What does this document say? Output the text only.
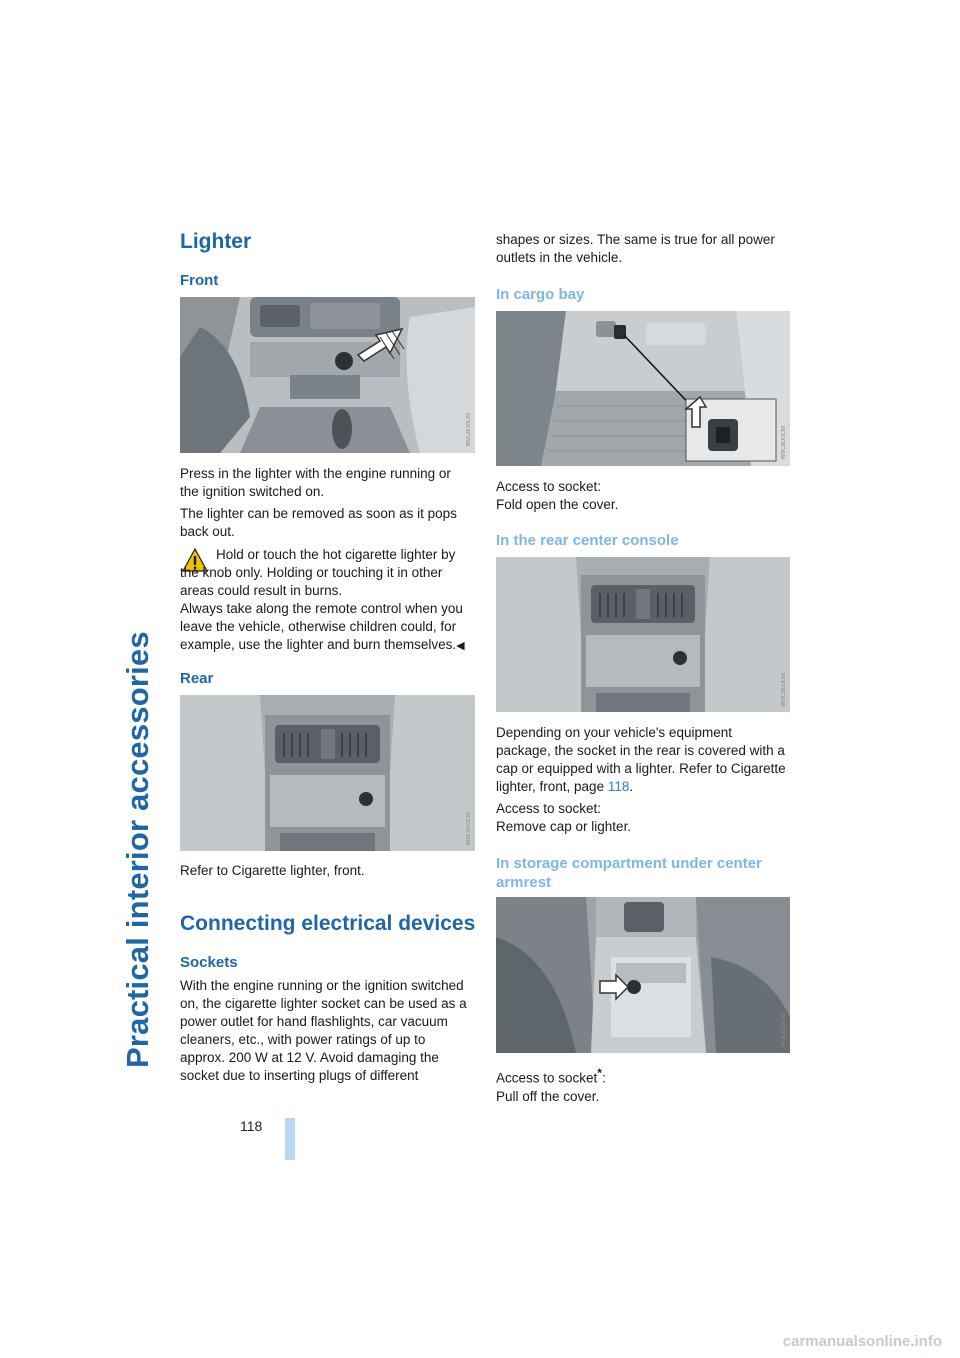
Practical interior accessories
Lighter
Front
W9C8D0CM
Press in the lighter with the engine running or the ignition switched on.
The lighter can be removed as soon as it pops back out.
Hold or touch the hot cigarette lighter by the knob only. Holding or touching it in other areas could result in burns.
Always take along the remote control when you leave the vehicle, otherwise children could, for example, use the lighter and burn themselves.◀
Rear
W9C9E0CM
Refer to Cigarette lighter, front.
Connecting electrical devices
Sockets
With the engine running or the ignition switched on, the cigarette lighter socket can be used as a power outlet for hand flashlights, car vacuum cleaners, etc., with power ratings of up to approx. 200 W at 12 V. Avoid damaging the socket due to inserting plugs of different
118
shapes or sizes. The same is true for all power outlets in the vehicle.
In cargo bay
W9C8D0CM
Access to socket:
Fold open the cover.
In the rear center console
W9C9E0CM
Depending on your vehicle's equipment package, the socket in the rear is covered with a cap or equipped with a lighter. Refer to Cigarette lighter, front, page 118.
Access to socket:
Remove cap or lighter.
In storage compartment under center
armrest
W9C8C5CM
Access to socket*:
Pull off the cover.
carmanualsonline.info
